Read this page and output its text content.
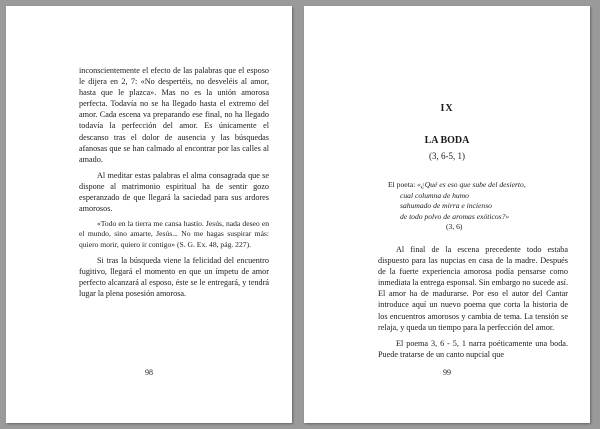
inconscientemente el efecto de las palabras que el esposo le dijera en 2, 7: «No despertéis, no desveléis al amor, hasta que le plazca». Mas no es la unión amorosa perfecta. Todavía no se ha llegado hasta el extremo del amor. Cada escena va preparando ese final, no ha llegado todavía la perfección del amor. Es únicamente el descanso tras el dolor de ausencia y las búsquedas afanosas que se han calmado al encontrar por las calles al amado.

Al meditar estas palabras el alma consagrada que se dispone al matrimonio espiritual ha de sentir gozo esperanzado de que llegará la saciedad para sus ardores amorosos.

«Todo en la tierra me cansa hastío. Jesús, nada deseo en el mundo, sino amarte, Jesús... No me hagas suspirar más: quiero morir, quiero ir contigo» (S. G. Ex. 48, pág. 227).

Si tras la búsqueda viene la felicidad del encuentro fugitivo, llegará el momento en que un ímpetu de amor perfecto alcanzará al esposo, éste se le entregará, y tendrá lugar la plena posesión amorosa.

98
IX
LA BODA
(3, 6-5, 1)
El poeta: «¿Qué es eso que sube del desierto,
cual columna de humo
sahumado de mirra e incienso
de todo polvo de aromas exóticos?»
(3, 6)

Al final de la escena precedente todo estaba dispuesto para las nupcias en casa de la madre. Después de la fuerte experiencia amorosa podía pensarse como inmediata la entrega esponsal. Sin embargo no sucede así. El amor ha de madurarse. Por eso el autor del Cantar introduce aquí un nuevo poema que corta la historia de los encuentros amorosos y cambia de tema. La tensión se relaja, y queda un tiempo para la perfección del amor.

El poema 3, 6 - 5, 1 narra poéticamente una boda. Puede tratarse de un canto nupcial que

99
